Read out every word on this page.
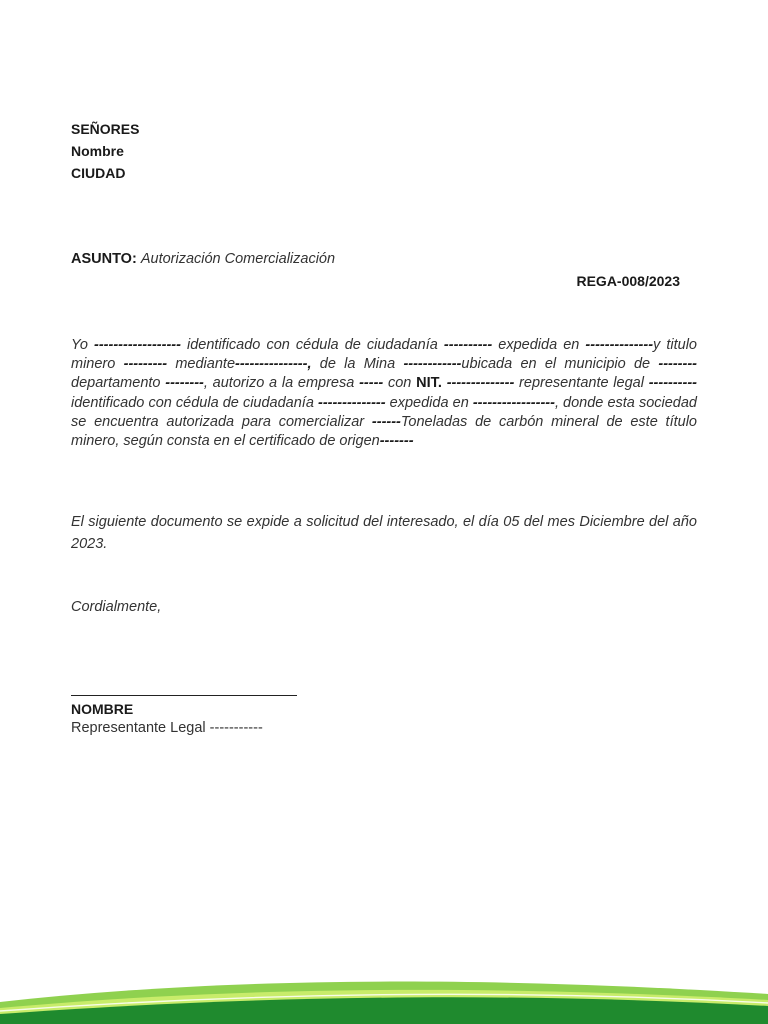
SEÑORES
Nombre
CIUDAD
ASUNTO: Autorización Comercialización
REGA-008/2023
Yo ------------------ identificado con cédula de ciudadanía ---------- expedida en --------------y titulo minero --------- mediante---------------, de la Mina ------------ubicada en el municipio de -------- departamento --------, autorizo a la empresa ----- con NIT. -------------- representante legal ---------- identificado con cédula de ciudadanía -------------- expedida en -----------------, donde esta sociedad se encuentra autorizada para comercializar ------Toneladas de carbón mineral de este título minero, según consta en el certificado de origen-------
El siguiente documento se expide a solicitud del interesado, el día 05 del mes Diciembre del año 2023.
Cordialmente,
NOMBRE
Representante Legal -----------
